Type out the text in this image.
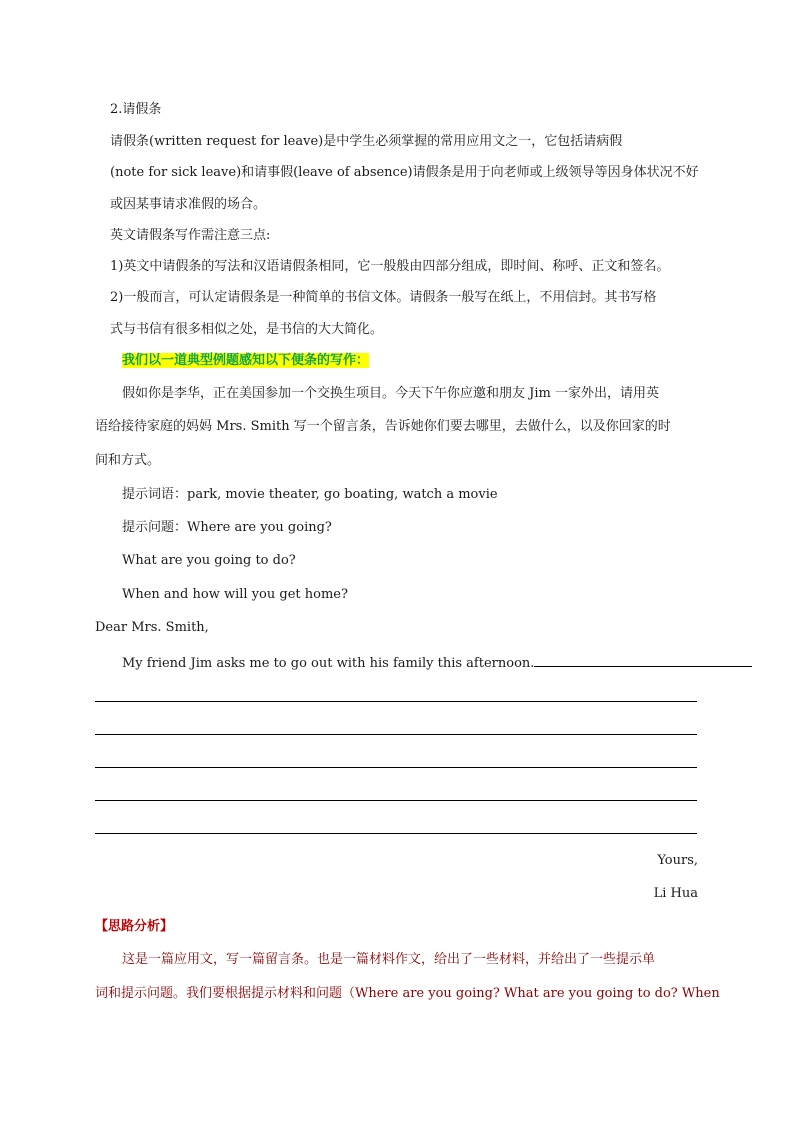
2.请假条
请假条(written request for leave)是中学生必须掌握的常用应用文之一，它包括请病假
(note for sick leave)和请事假(leave of absence)请假条是用于向老师或上级领导等因身体状况不好
或因某事请求准假的场合。
英文请假条写作需注意三点:
1)英文中请假条的写法和汉语请假条相同，它一般般由四部分组成，即时间、称呼、正文和签名。
2)一般而言，可认定请假条是一种简单的书信文体。请假条一般写在纸上，不用信封。其书写格
式与书信有很多相似之处，是书信的大大简化。
我们以一道典型例题感知以下便条的写作：
假如你是李华，正在美国参加一个交换生项目。今天下午你应邀和朋友 Jim 一家外出，请用英
语给接待家庭的妈妈 Mrs. Smith 写一个留言条，告诉她你们要去哪里，去做什么，以及你回家的时
间和方式。
提示词语：park, movie theater, go boating, watch a movie
提示问题：Where are you going?
What are you going to do?
When and how will you get home?
Dear Mrs. Smith,
My friend Jim asks me to go out with his family this afternoon.
Yours,
Li Hua
【思路分析】
这是一篇应用文，写一篇留言条。也是一篇材料作文，给出了一些材料，并给出了一些提示单
词和提示问题。我们要根据提示材料和问题（Where are you going? What are you going to do? When
